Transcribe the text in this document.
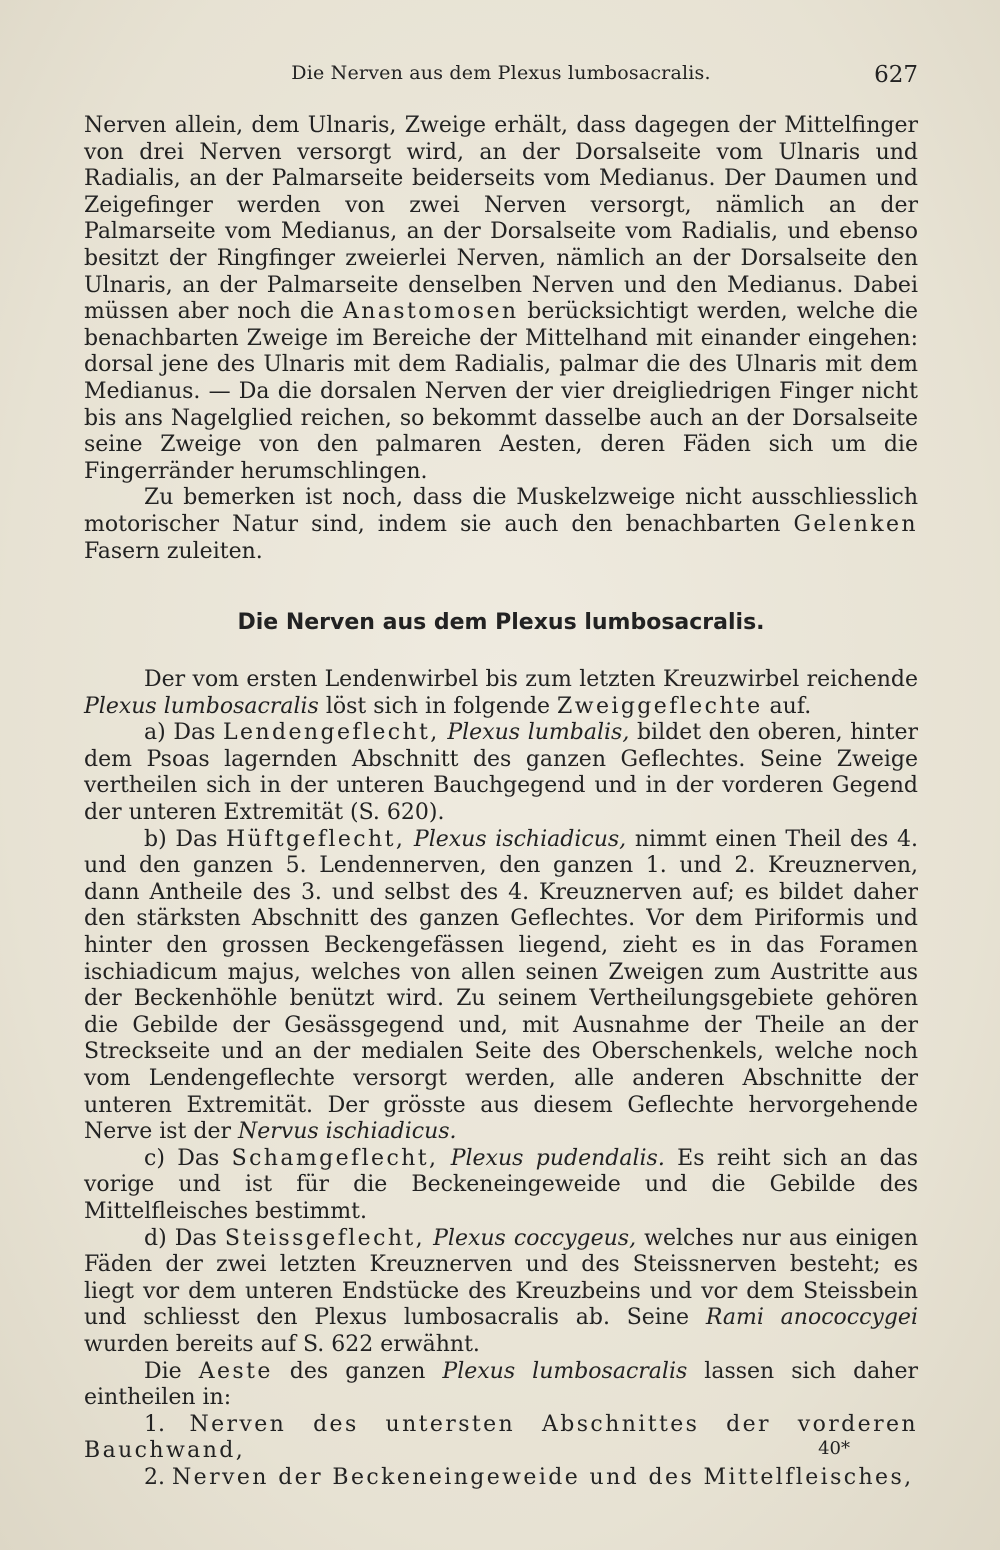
Die Nerven aus dem Plexus lumbosacralis.	627

Nerven allein, dem Ulnaris, Zweige erhält, dass dagegen der Mittelfinger von drei Nerven versorgt wird, an der Dorsalseite vom Ulnaris und Radialis, an der Palmarseite beiderseits vom Medianus. Der Daumen und Zeigefinger werden von zwei Nerven versorgt, nämlich an der Palmarseite vom Medianus, an der Dorsalseite vom Radialis, und ebenso besitzt der Ringfinger zweierlei Nerven, nämlich an der Dorsalseite den Ulnaris, an der Palmarseite denselben Nerven und den Medianus. Dabei müssen aber noch die Anastomosen berücksichtigt werden, welche die benachbarten Zweige im Bereiche der Mittelhand mit einander eingehen: dorsal jene des Ulnaris mit dem Radialis, palmar die des Ulnaris mit dem Medianus. — Da die dorsalen Nerven der vier dreigliedrigen Finger nicht bis ans Nagelglied reichen, so bekommt dasselbe auch an der Dorsalseite seine Zweige von den palmaren Aesten, deren Fäden sich um die Fingerränder herumschlingen.

Zu bemerken ist noch, dass die Muskelzweige nicht ausschliesslich motorischer Natur sind, indem sie auch den benachbarten Gelenken Fasern zuleiten.

Die Nerven aus dem Plexus lumbosacralis.

Der vom ersten Lendenwirbel bis zum letzten Kreuzwirbel reichende Plexus lumbosacralis löst sich in folgende Zweiggeflechte auf.

a) Das Lendengeflecht, Plexus lumbalis, bildet den oberen, hinter dem Psoas lagernden Abschnitt des ganzen Geflechtes. Seine Zweige vertheilen sich in der unteren Bauchgegend und in der vorderen Gegend der unteren Extremität (S. 620).

b) Das Hüftgeflecht, Plexus ischiadicus, nimmt einen Theil des 4. und den ganzen 5. Lendennerven, den ganzen 1. und 2. Kreuznerven, dann Antheile des 3. und selbst des 4. Kreuznerven auf; es bildet daher den stärksten Abschnitt des ganzen Geflechtes. Vor dem Piriformis und hinter den grossen Beckengefässen liegend, zieht es in das Foramen ischiadicum majus, welches von allen seinen Zweigen zum Austritte aus der Beckenhöhle benützt wird. Zu seinem Vertheilungsgebiete gehören die Gebilde der Gesässgegend und, mit Ausnahme der Theile an der Streckseite und an der medialen Seite des Oberschenkels, welche noch vom Lendengeflechte versorgt werden, alle anderen Abschnitte der unteren Extremität. Der grösste aus diesem Geflechte hervorgehende Nerve ist der Nervus ischiadicus.

c) Das Schamgeflecht, Plexus pudendalis. Es reiht sich an das vorige und ist für die Beckeneingeweide und die Gebilde des Mittelfleisches bestimmt.

d) Das Steissgeflecht, Plexus coccygeus, welches nur aus einigen Fäden der zwei letzten Kreuznerven und des Steissnerven besteht; es liegt vor dem unteren Endstücke des Kreuzbeins und vor dem Steissbein und schliesst den Plexus lumbosacralis ab. Seine Rami anococcygei wurden bereits auf S. 622 erwähnt.

Die Aeste des ganzen Plexus lumbosacralis lassen sich daher eintheilen in:

1. Nerven des untersten Abschnittes der vorderen Bauchwand,

2. Nerven der Beckeneingeweide und des Mittelfleisches,

40*
